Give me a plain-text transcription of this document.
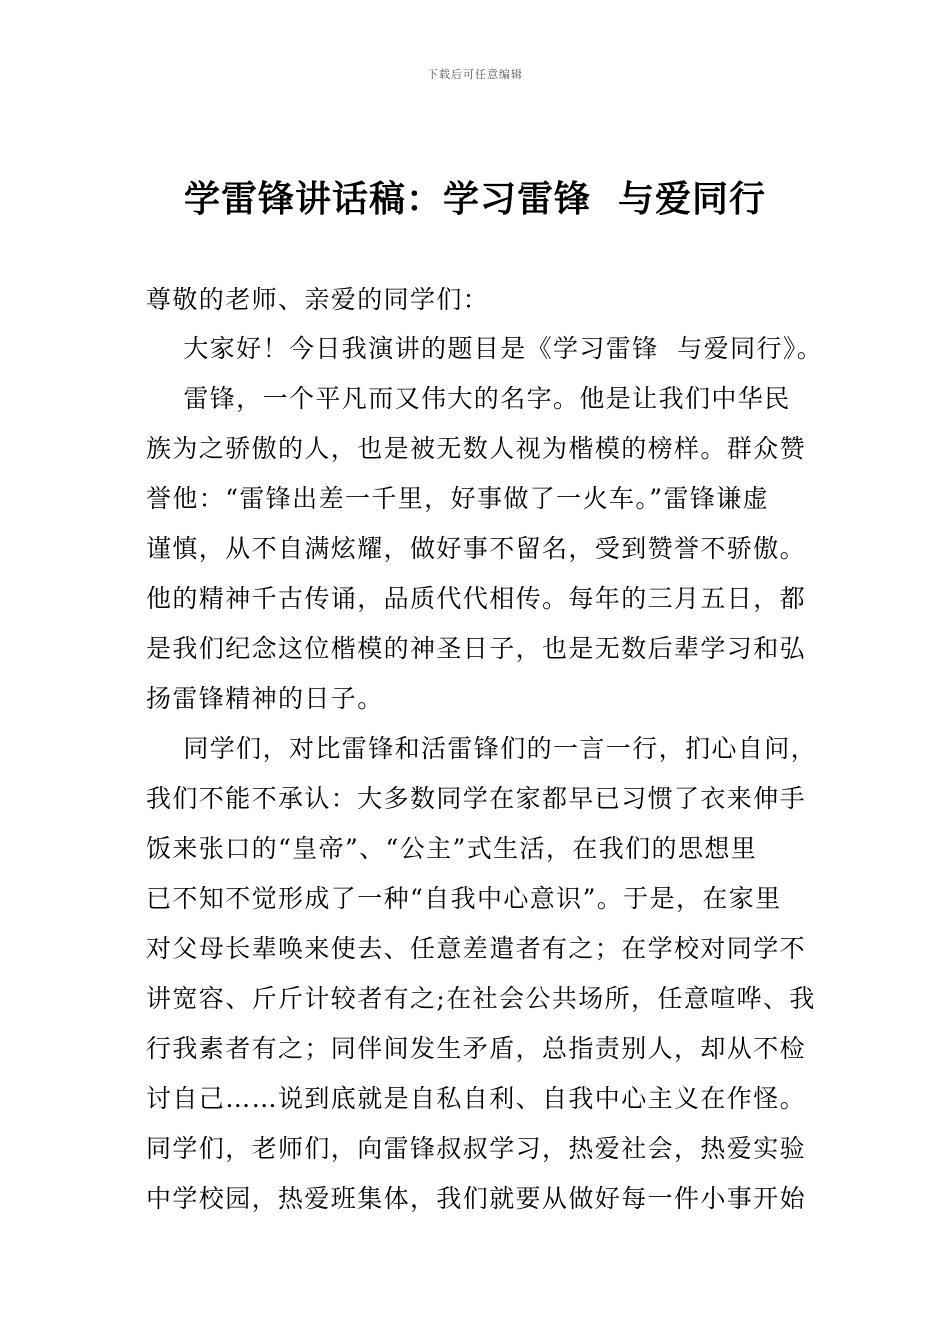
下载后可任意编辑
学雷锋讲话稿：学习雷锋  与爱同行
尊敬的老师、亲爱的同学们：
大家好！今日我演讲的题目是《学习雷锋  与爱同行》。
雷锋，一个平凡而又伟大的名字。他是让我们中华民
族为之骄傲的人，也是被无数人视为楷模的榜样。群众赞
誉他：“雷锋出差一千里，好事做了一火车。”雷锋谦虚
谨慎，从不自满炫耀，做好事不留名，受到赞誉不骄傲。
他的精神千古传诵，品质代代相传。每年的三月五日，都
是我们纪念这位楷模的神圣日子，也是无数后辈学习和弘
扬雷锋精神的日子。
同学们，对比雷锋和活雷锋们的一言一行，扪心自问，
我们不能不承认：大多数同学在家都早已习惯了衣来伸手
饭来张口的“皇帝”、“公主”式生活，在我们的思想里
已不知不觉形成了一种“自我中心意识”。于是，在家里
对父母长辈唤来使去、任意差遣者有之；在学校对同学不
讲宽容、斤斤计较者有之;在社会公共场所，任意喧哗、我
行我素者有之；同伴间发生矛盾，总指责别人，却从不检
讨自己……说到底就是自私自利、自我中心主义在作怪。
同学们，老师们，向雷锋叔叔学习，热爱社会，热爱实验
中学校园，热爱班集体，我们就要从做好每一件小事开始
